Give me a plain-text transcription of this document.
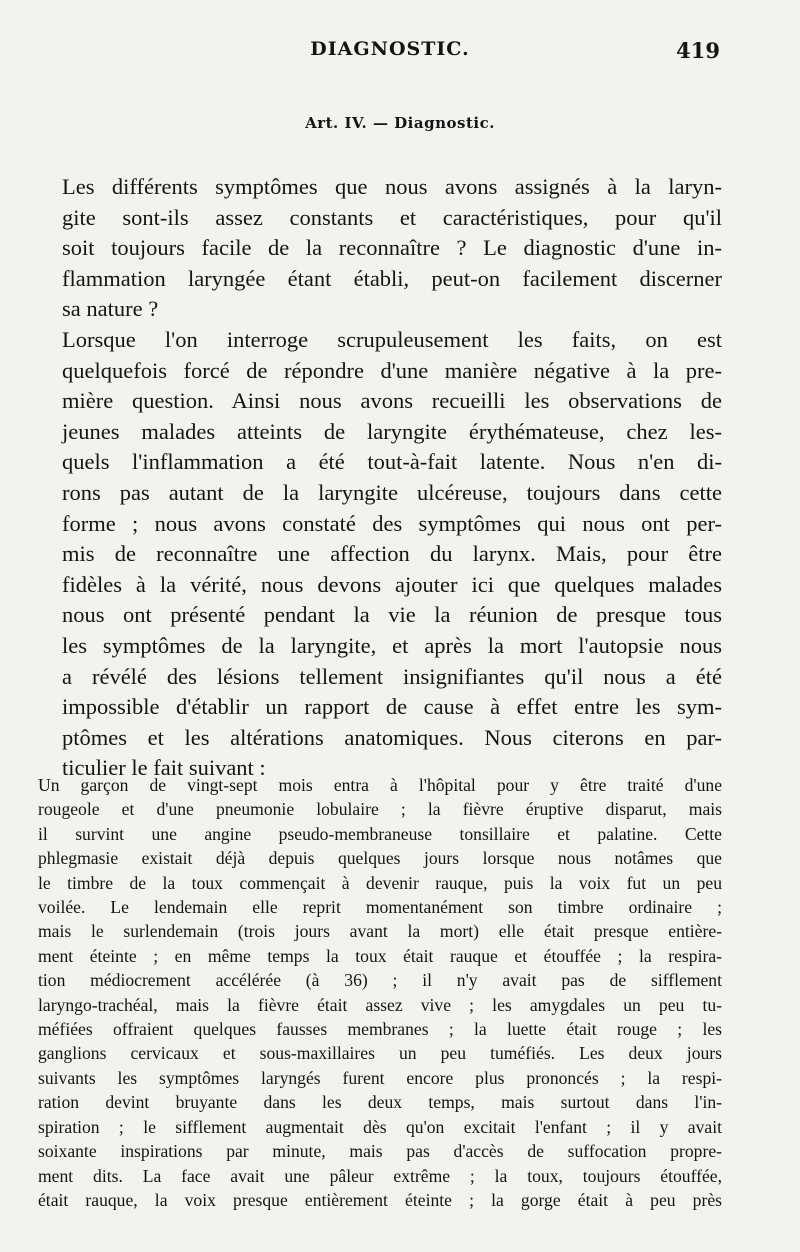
DIAGNOSTIC.	419
Art. IV. — Diagnostic.

Les différents symptômes que nous avons assignés à la laryn-
gite sont-ils assez constants et caractéristiques, pour qu'il
soit toujours facile de la reconnaître ? Le diagnostic d'une in-
flammation laryngée étant établi, peut-on facilement discerner
sa nature ?

Lorsque l'on interroge scrupuleusement les faits, on est
quelquefois forcé de répondre d'une manière négative à la pre-
mière question. Ainsi nous avons recueilli les observations de
jeunes malades atteints de laryngite érythémateuse, chez les-
quels l'inflammation a été tout-à-fait latente. Nous n'en di-
rons pas autant de la laryngite ulcéreuse, toujours dans cette
forme ; nous avons constaté des symptômes qui nous ont per-
mis de reconnaître une affection du larynx. Mais, pour être
fidèles à la vérité, nous devons ajouter ici que quelques malades
nous ont présenté pendant la vie la réunion de presque tous
les symptômes de la laryngite, et après la mort l'autopsie nous
a révélé des lésions tellement insignifiantes qu'il nous a été
impossible d'établir un rapport de cause à effet entre les sym-
ptômes et les altérations anatomiques. Nous citerons en par-
ticulier le fait suivant :

Un garçon de vingt-sept mois entra à l'hôpital pour y être traité d'une
rougeole et d'une pneumonie lobulaire ; la fièvre éruptive disparut, mais
il survint une angine pseudo-membraneuse tonsillaire et palatine. Cette
phlegmasie existait déjà depuis quelques jours lorsque nous notâmes que
le timbre de la toux commençait à devenir rauque, puis la voix fut un peu
voilée. Le lendemain elle reprit momentanément son timbre ordinaire ;
mais le surlendemain (trois jours avant la mort) elle était presque entière-
ment éteinte ; en même temps la toux était rauque et étouffée ; la respira-
tion médiocrement accélérée (à 36) ; il n'y avait pas de sifflement
laryngo-trachéal, mais la fièvre était assez vive ; les amygdales un peu tu-
méfiées offraient quelques fausses membranes ; la luette était rouge ; les
ganglions cervicaux et sous-maxillaires un peu tuméfiés. Les deux jours
suivants les symptômes laryngés furent encore plus prononcés ; la respi-
ration devint bruyante dans les deux temps, mais surtout dans l'in-
spiration ; le sifflement augmentait dès qu'on excitait l'enfant ; il y avait
soixante inspirations par minute, mais pas d'accès de suffocation propre-
ment dits. La face avait une pâleur extrême ; la toux, toujours étouffée,
était rauque, la voix presque entièrement éteinte ; la gorge était à peu près
